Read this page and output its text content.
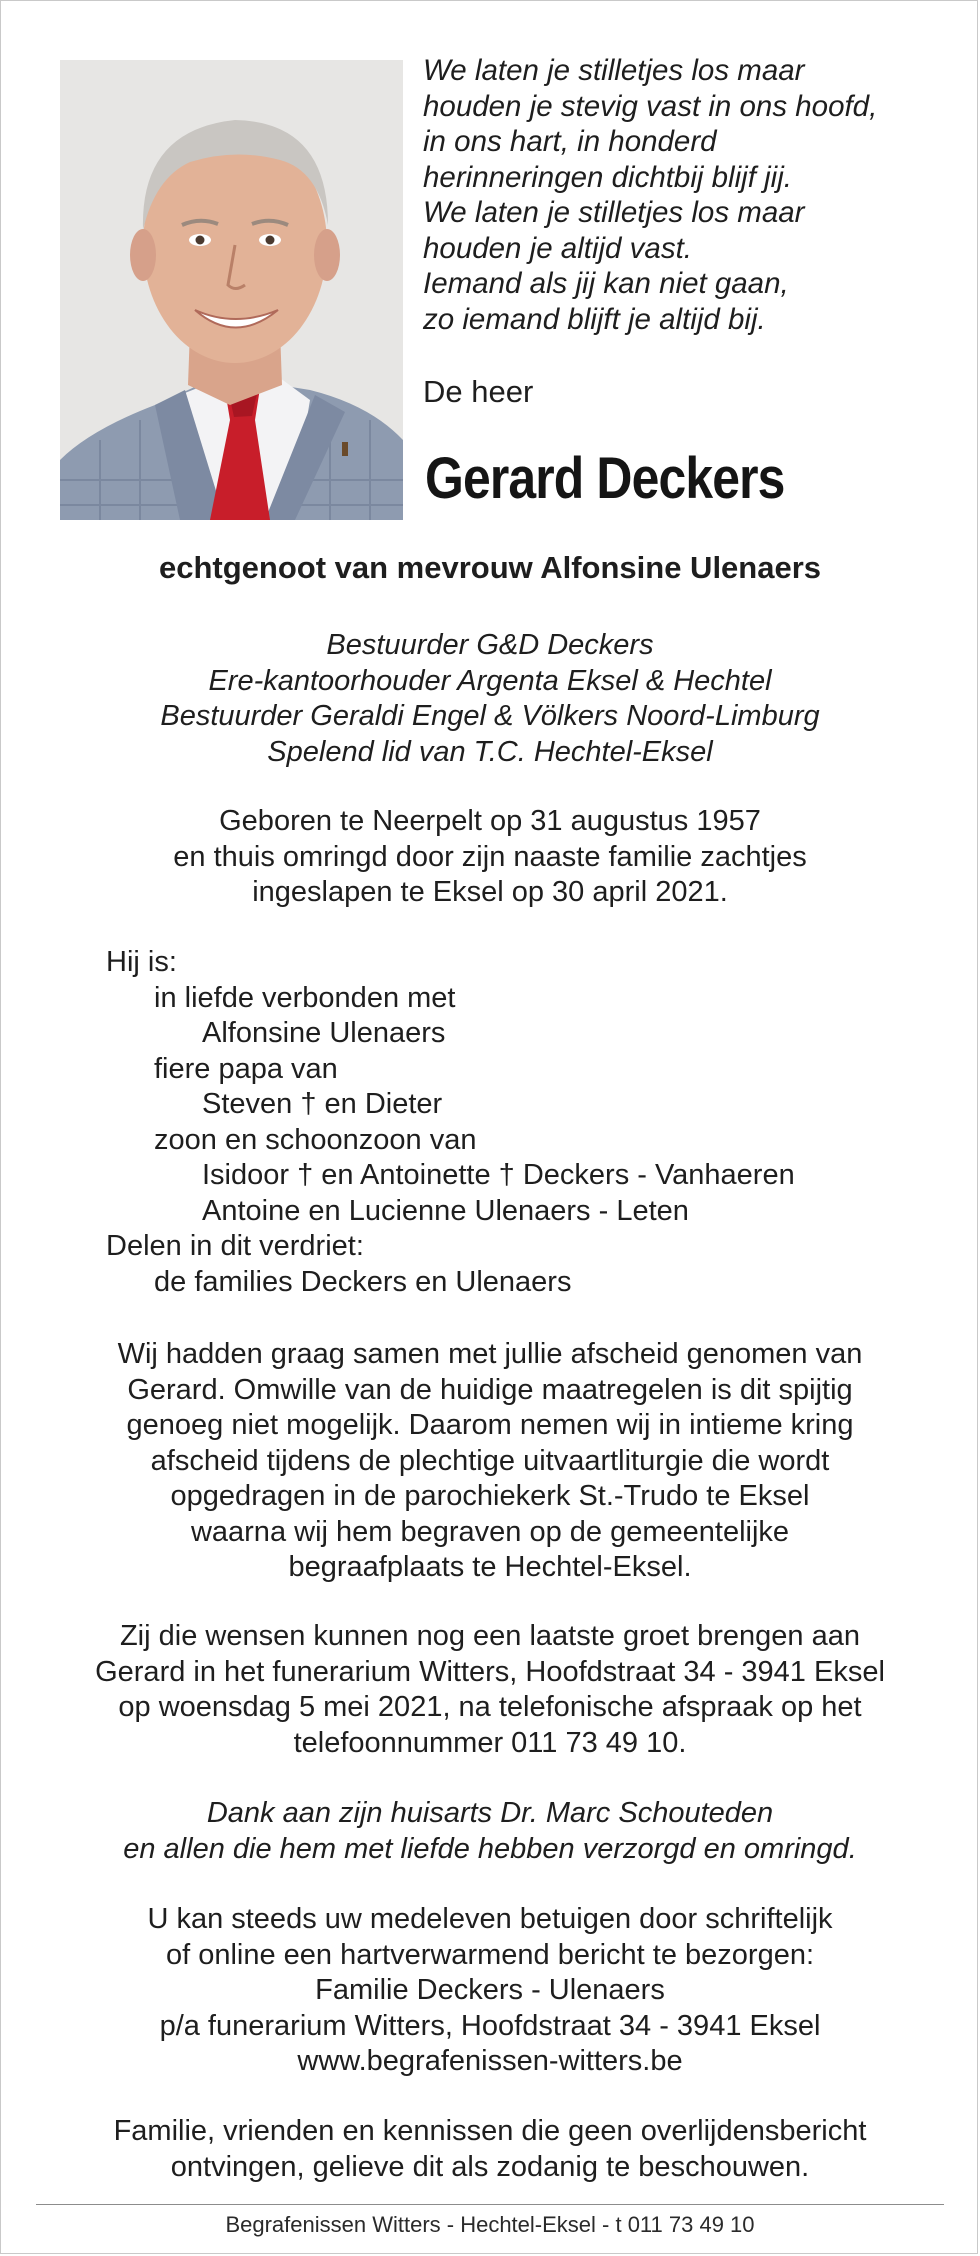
We laten je stilletjes los maar
houden je stevig vast in ons hoofd,
in ons hart, in honderd
herinneringen dichtbij blijf jij.
We laten je stilletjes los maar
houden je altijd vast.
Iemand als jij kan niet gaan,
zo iemand blijft je altijd bij.
De heer
Gerard Deckers
echtgenoot van mevrouw Alfonsine Ulenaers
Bestuurder G&D Deckers
Ere-kantoorhouder Argenta Eksel & Hechtel
Bestuurder Geraldi Engel & Völkers Noord-Limburg
Spelend lid van T.C. Hechtel-Eksel
Geboren te Neerpelt op 31 augustus 1957
en thuis omringd door zijn naaste familie zachtjes
ingeslapen te Eksel op 30 april 2021.
Hij is:
in liefde verbonden met
Alfonsine Ulenaers
fiere papa van
Steven † en Dieter
zoon en schoonzoon van
Isidoor † en Antoinette † Deckers - Vanhaeren
Antoine en Lucienne Ulenaers - Leten
Delen in dit verdriet:
de families Deckers en Ulenaers
Wij hadden graag samen met jullie afscheid genomen van
Gerard. Omwille van de huidige maatregelen is dit spijtig
genoeg niet mogelijk. Daarom nemen wij in intieme kring
afscheid tijdens de plechtige uitvaartliturgie die wordt
opgedragen in de parochiekerk St.-Trudo te Eksel
waarna wij hem begraven op de gemeentelijke
begraafplaats te Hechtel-Eksel.
Zij die wensen kunnen nog een laatste groet brengen aan
Gerard in het funerarium Witters, Hoofdstraat 34 - 3941 Eksel
op woensdag 5 mei 2021, na telefonische afspraak op het
telefoonnummer 011 73 49 10.
Dank aan zijn huisarts Dr. Marc Schouteden
en allen die hem met liefde hebben verzorgd en omringd.
U kan steeds uw medeleven betuigen door schriftelijk
of online een hartverwarmend bericht te bezorgen:
Familie Deckers - Ulenaers
p/a funerarium Witters, Hoofdstraat 34 - 3941 Eksel
www.begrafenissen-witters.be
Familie, vrienden en kennissen die geen overlijdensbericht
ontvingen, gelieve dit als zodanig te beschouwen.
Begrafenissen Witters - Hechtel-Eksel - t 011 73 49 10
